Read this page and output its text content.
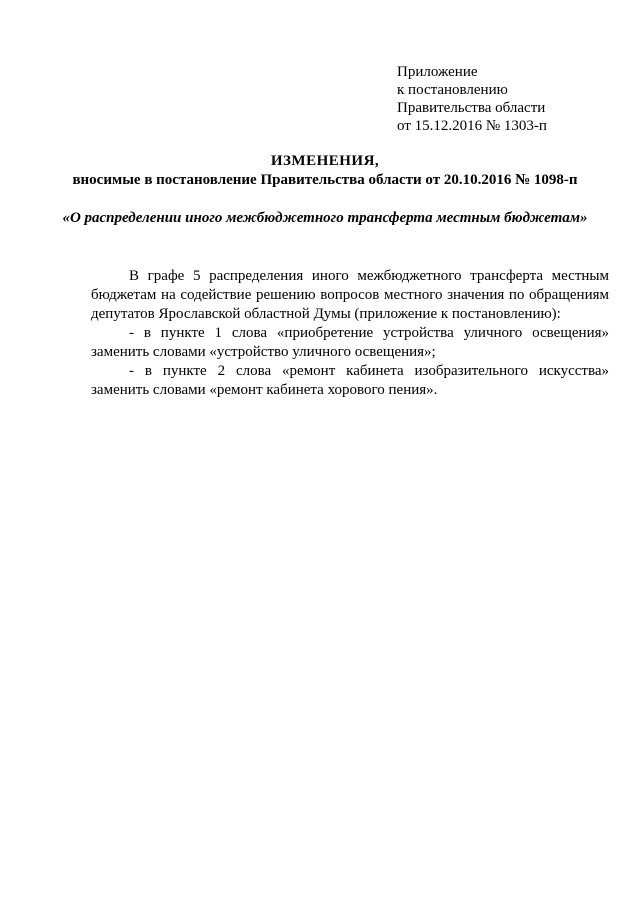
Приложение
к постановлению
Правительства области
от 15.12.2016 № 1303-п
ИЗМЕНЕНИЯ,
вносимые в постановление Правительства области от 20.10.2016 № 1098-п
«О распределении иного межбюджетного трансферта местным бюджетам»

В графе 5 распределения иного межбюджетного трансферта местным бюджетам на содействие решению вопросов местного значения по обращениям депутатов Ярославской областной Думы (приложение к постановлению):

- в пункте 1 слова «приобретение устройства уличного освещения» заменить словами «устройство уличного освещения»;

- в пункте 2 слова «ремонт кабинета изобразительного искусства» заменить словами «ремонт кабинета хорового пения».
